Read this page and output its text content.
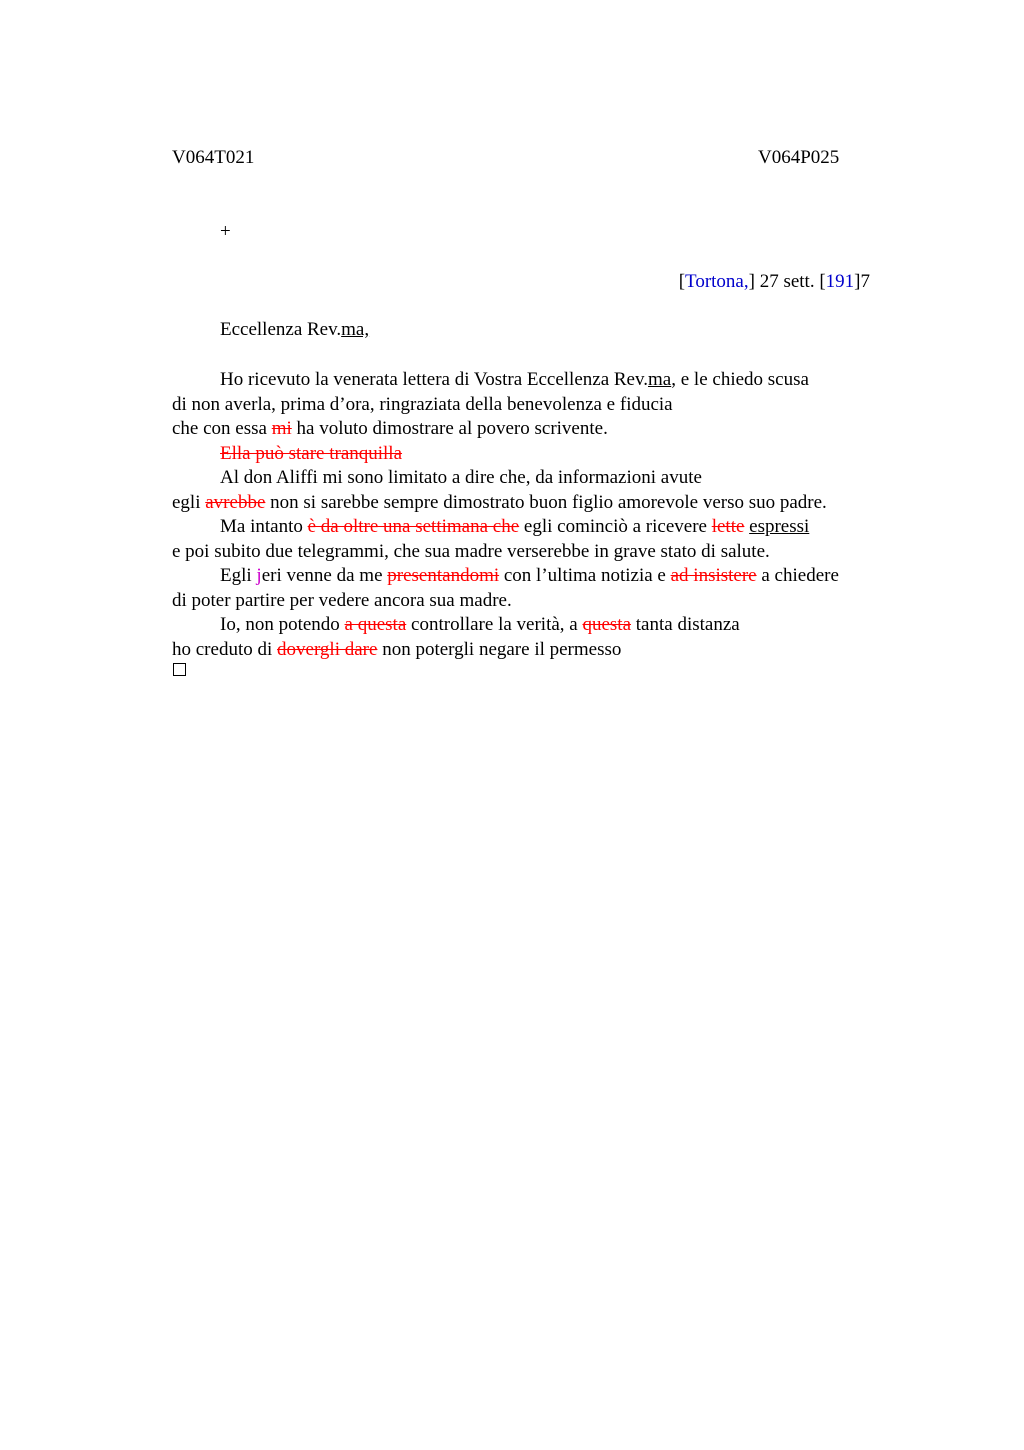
V064T021	V064P025
+
[Tortona,] 27 sett. [191]7
Eccellenza Rev.ma,
Ho ricevuto la venerata lettera di Vostra Eccellenza Rev.ma, e le chiedo scusa
di non averla, prima d’ora, ringraziata della benevolenza e fiducia
che con essa mi ha voluto dimostrare al povero scrivente.
Ella può stare tranquilla
Al don Aliffi mi sono limitato a dire che, da informazioni avute
egli avrebbe non si sarebbe sempre dimostrato buon figlio amorevole verso suo padre.
Ma intanto è da oltre una settimana che egli cominciò a ricevere lette espressi
e poi subito due telegrammi, che sua madre verserebbe in grave stato di salute.
Egli jeri venne da me presentandomi con l’ultima notizia e ad insistere a chiedere
di poter partire per vedere ancora sua madre.
Io, non potendo a questa controllare la verità, a questa tanta distanza
ho creduto di dovergli dare non potergli negare il permesso
